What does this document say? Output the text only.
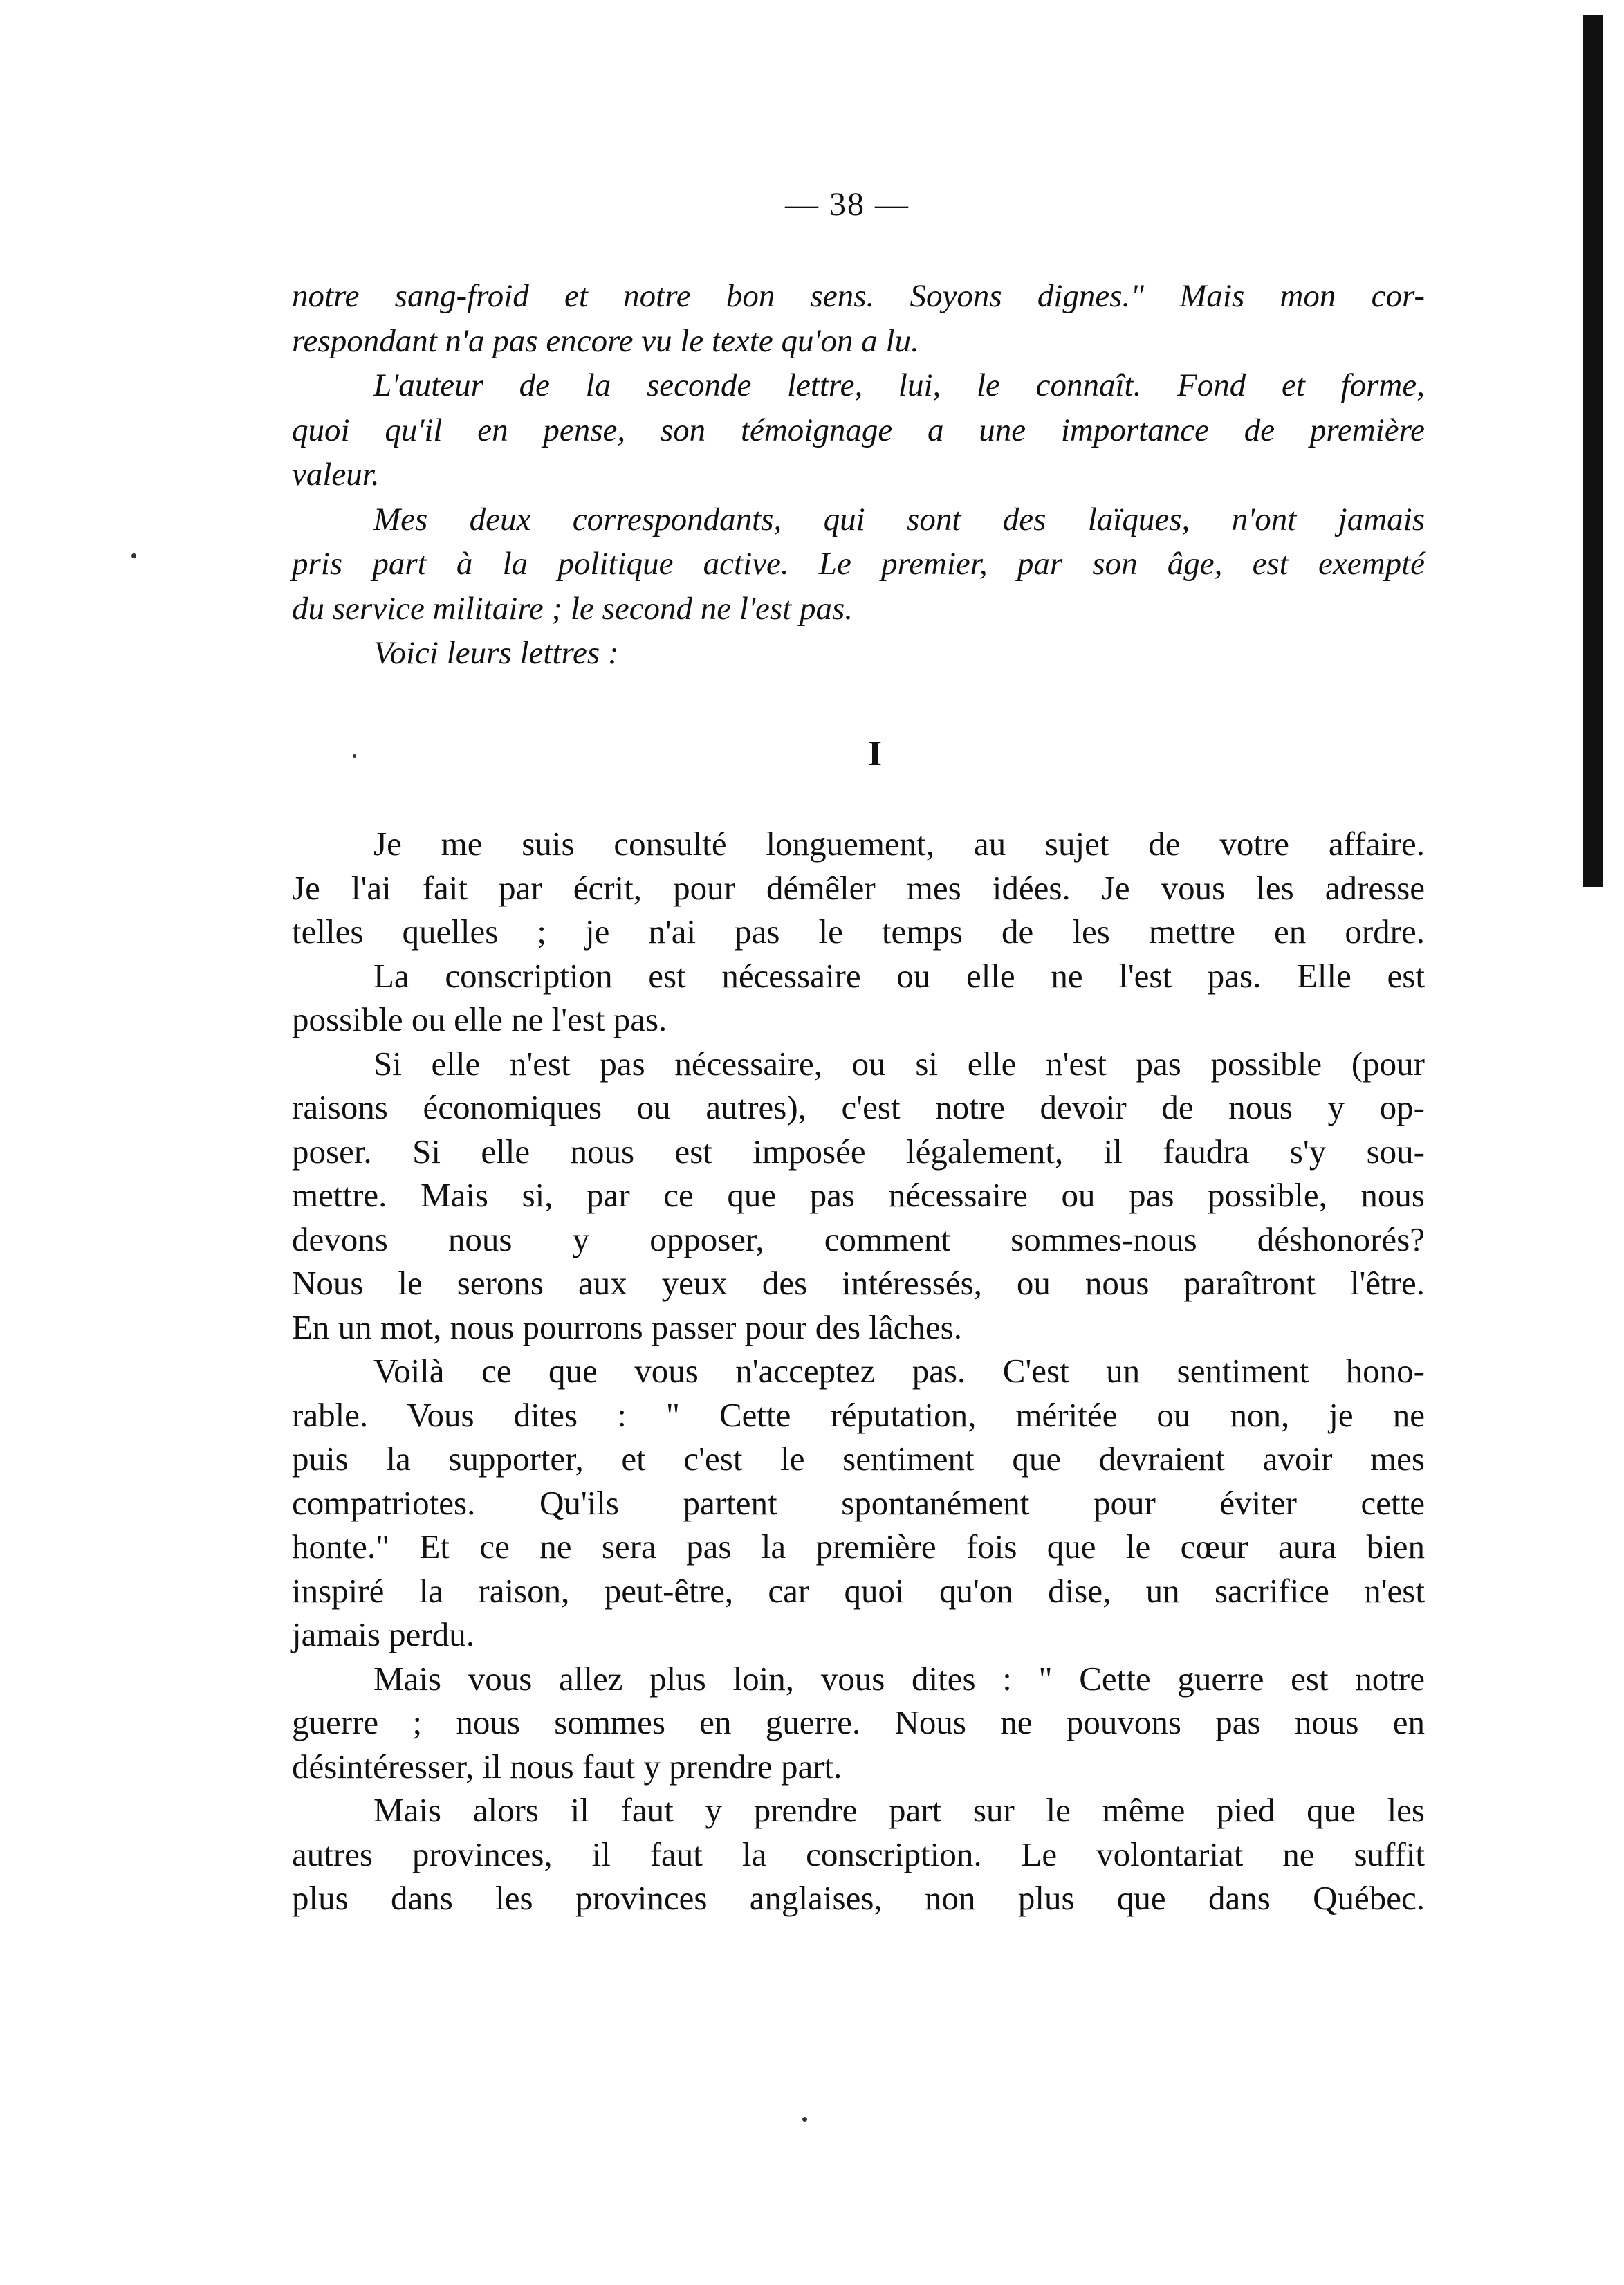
— 38 —
notre sang-froid et notre bon sens. Soyons dignes." Mais mon cor-
respondant n'a pas encore vu le texte qu'on a lu.
L'auteur de la seconde lettre, lui, le connaît. Fond et forme,
quoi qu'il en pense, son témoignage a une importance de première
valeur.
Mes deux correspondants, qui sont des laïques, n'ont jamais
pris part à la politique active. Le premier, par son âge, est exempté
du service militaire ; le second ne l'est pas.
Voici leurs lettres :
I
Je me suis consulté longuement, au sujet de votre affaire.
Je l'ai fait par écrit, pour démêler mes idées. Je vous les adresse
telles quelles ; je n'ai pas le temps de les mettre en ordre.
La conscription est nécessaire ou elle ne l'est pas. Elle est
possible ou elle ne l'est pas.
Si elle n'est pas nécessaire, ou si elle n'est pas possible (pour
raisons économiques ou autres), c'est notre devoir de nous y op-
poser. Si elle nous est imposée légalement, il faudra s'y sou-
mettre. Mais si, par ce que pas nécessaire ou pas possible, nous
devons nous y opposer, comment sommes-nous déshonorés?
Nous le serons aux yeux des intéressés, ou nous paraîtront l'être.
En un mot, nous pourrons passer pour des lâches.
Voilà ce que vous n'acceptez pas. C'est un sentiment hono-
rable. Vous dites : " Cette réputation, méritée ou non, je ne
puis la supporter, et c'est le sentiment que devraient avoir mes
compatriotes. Qu'ils partent spontanément pour éviter cette
honte." Et ce ne sera pas la première fois que le cœur aura bien
inspiré la raison, peut-être, car quoi qu'on dise, un sacrifice n'est
jamais perdu.
Mais vous allez plus loin, vous dites : " Cette guerre est notre
guerre ; nous sommes en guerre. Nous ne pouvons pas nous en
désintéresser, il nous faut y prendre part.
Mais alors il faut y prendre part sur le même pied que les
autres provinces, il faut la conscription. Le volontariat ne suffit
plus dans les provinces anglaises, non plus que dans Québec.
